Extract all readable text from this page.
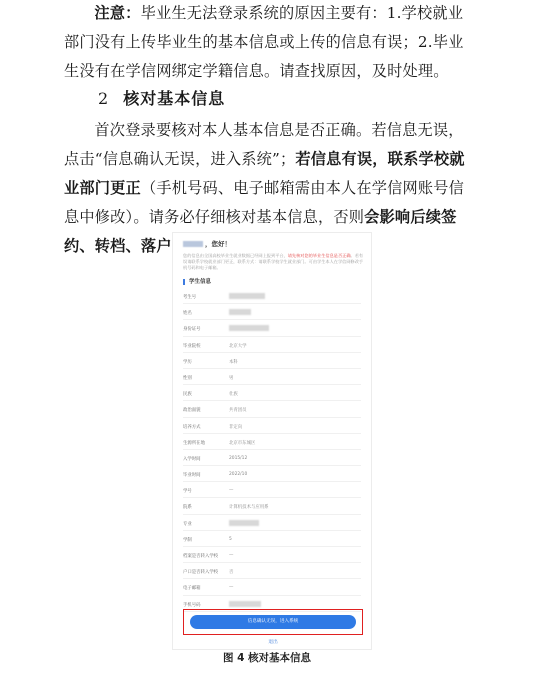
注意：毕业生无法登录系统的原因主要有：1.学校就业部门没有上传毕业生的基本信息或上传的信息有误；2.毕业生没有在学信网绑定学籍信息。请查找原因，及时处理。
2 核对基本信息
首次登录要核对本人基本信息是否正确。若信息无误，点击“信息确认无误，进入系统”；若信息有误，联系学校就业部门更正（手机号码、电子邮箱需由本人在学信网账号信息中修改）。请务必仔细核对基本信息，否则会影响后续签约、转档、落户	，您好！
您的信息由全国高校毕业生就业数据已经网上报到平台，请先核对您的毕业生信息是否正确。若有误请联系学校就业部门更正，联系方式：请联系学校学生就业部门。可由学生本人在学信网修改手机号码和电子邮箱。
学生信息
考生号
姓名
身份证号
毕业院校	北京大学
学历	本科
性别	男
民族	壮族
政治面貌	共青团员
培养方式	非定向
生源所在地	北京市东城区
入学时间	2015/12
毕业时间	2022/10
学号	—
院系	计算机技术与应用系
专业
学制	5
档案是否转入学校 —
户口是否转入学校 否
电子邮箱	—
手机号码
信息确认无误，进入系统
退出
图 4 核对基本信息
